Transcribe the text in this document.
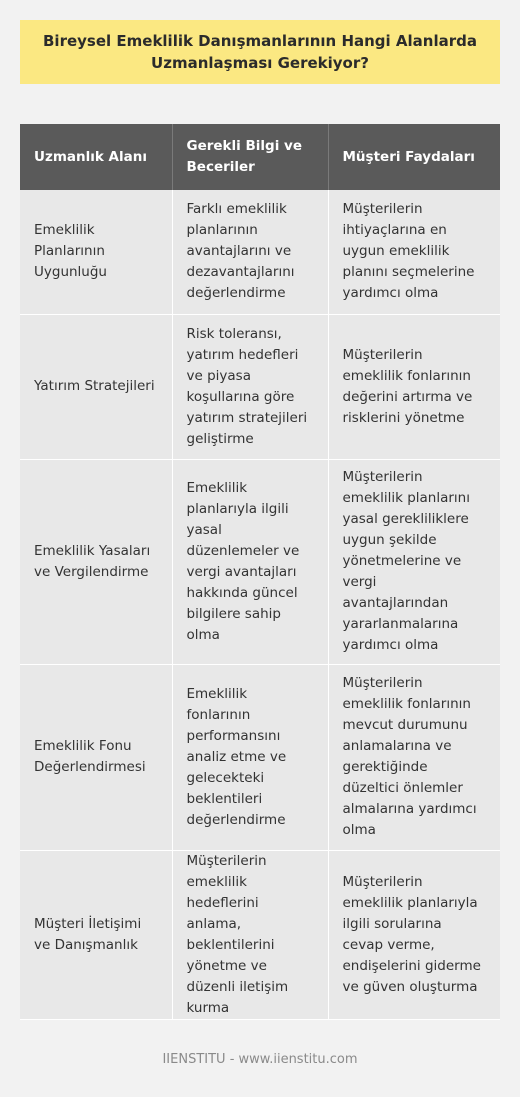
Bireysel Emeklilik Danışmanlarının Hangi Alanlarda Uzmanlaşması Gerekiyor?
Uzmanlık Alanı	Gerekli Bilgi ve Beceriler	Müşteri Faydaları
Emeklilik Planlarının Uygunluğu	Farklı emeklilik planlarının avantajlarını ve dezavantajlarını değerlendirme	Müşterilerin ihtiyaçlarına en uygun emeklilik planını seçmelerine yardımcı olma
Yatırım Stratejileri	Risk toleransı, yatırım hedefleri ve piyasa koşullarına göre yatırım stratejileri geliştirme	Müşterilerin emeklilik fonlarının değerini artırma ve risklerini yönetme
Emeklilik Yasaları ve Vergilendirme	Emeklilik planlarıyla ilgili yasal düzenlemeler ve vergi avantajları hakkında güncel bilgilere sahip olma	Müşterilerin emeklilik planlarını yasal gerekliliklere uygun şekilde yönetmelerine ve vergi avantajlarından yararlanmalarına yardımcı olma
Emeklilik Fonu Değerlendirmesi	Emeklilik fonlarının performansını analiz etme ve gelecekteki beklentileri değerlendirme	Müşterilerin emeklilik fonlarının mevcut durumunu anlamalarına ve gerektiğinde düzeltici önlemler almalarına yardımcı olma
Müşteri İletişimi ve Danışmanlık	Müşterilerin emeklilik hedeflerini anlama, beklentilerini yönetme ve düzenli iletişim kurma	Müşterilerin emeklilik planlarıyla ilgili sorularına cevap verme, endişelerini giderme ve güven oluşturma
IIENSTITU - www.iienstitu.com
